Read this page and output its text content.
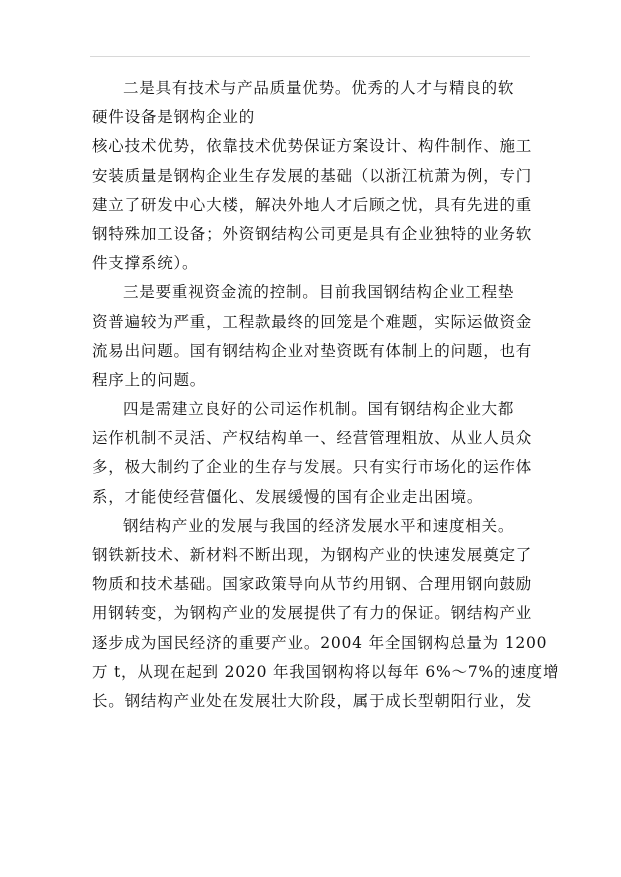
二是具有技术与产品质量优势。优秀的人才与精良的软
硬件设备是钢构企业的
核心技术优势，依靠技术优势保证方案设计、构件制作、施工
安装质量是钢构企业生存发展的基础（以浙江杭萧为例，专门
建立了研发中心大楼，解决外地人才后顾之忧，具有先进的重
钢特殊加工设备；外资钢结构公司更是具有企业独特的业务软
件支撑系统）。
三是要重视资金流的控制。目前我国钢结构企业工程垫
资普遍较为严重，工程款最终的回笼是个难题，实际运做资金
流易出问题。国有钢结构企业对垫资既有体制上的问题，也有
程序上的问题。
四是需建立良好的公司运作机制。国有钢结构企业大都
运作机制不灵活、产权结构单一、经营管理粗放、从业人员众
多，极大制约了企业的生存与发展。只有实行市场化的运作体
系，才能使经营僵化、发展缓慢的国有企业走出困境。
钢结构产业的发展与我国的经济发展水平和速度相关。
钢铁新技术、新材料不断出现，为钢构产业的快速发展奠定了
物质和技术基础。国家政策导向从节约用钢、合理用钢向鼓励
用钢转变，为钢构产业的发展提供了有力的保证。钢结构产业
逐步成为国民经济的重要产业。2004 年全国钢构总量为 1200
万 t，从现在起到 2020 年我国钢构将以每年 6%～7%的速度增
长。钢结构产业处在发展壮大阶段，属于成长型朝阳行业，发
